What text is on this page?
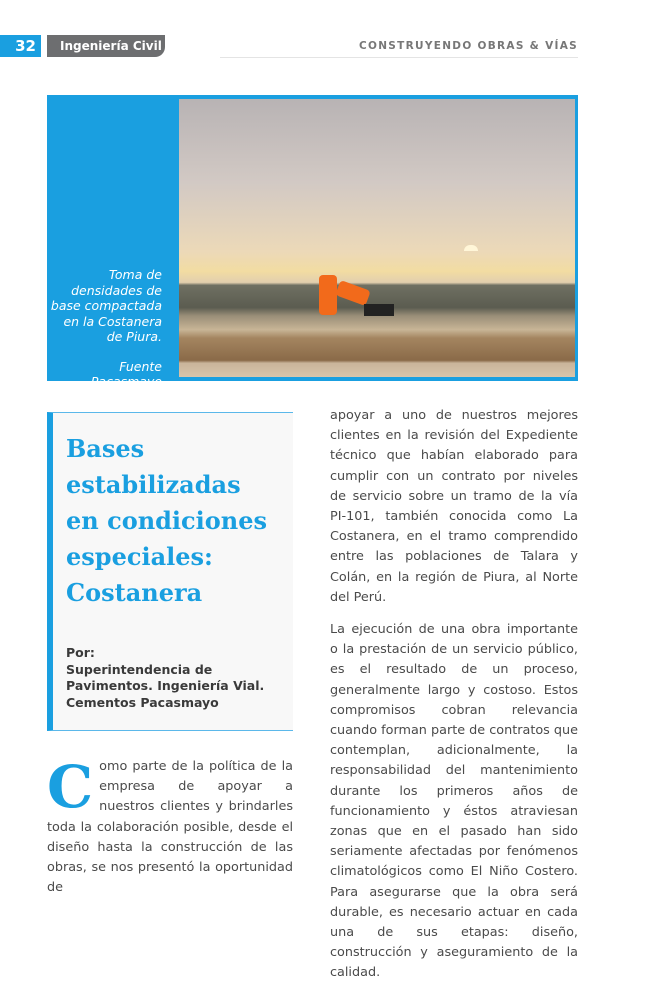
32	Ingeniería Civil	CONSTRUYENDO OBRAS & VÍAS
Toma de densidades de base compactada en la Costanera de Piura.
Fuente Pacasmayo
Bases
estabilizadas
en condiciones
especiales:
Costanera
Por:
Superintendencia de Pavimentos. Ingeniería Vial. Cementos Pacasmayo
Como parte de la política de la empresa de apoyar a nuestros clientes y brindarles toda la colaboración posible, desde el diseño hasta la construcción de las obras, se nos presentó la oportunidad de

apoyar a uno de nuestros mejores clientes en la revisión del Expediente técnico que habían elaborado para cumplir con un contrato por niveles de servicio sobre un tramo de la vía PI-101, también conocida como La Costanera, en el tramo comprendido entre las poblaciones de Talara y Colán, en la región de Piura, al Norte del Perú.

La ejecución de una obra importante o la prestación de un servicio público, es el resultado de un proceso, generalmente largo y costoso. Estos compromisos cobran relevancia cuando forman parte de contratos que contemplan, adicionalmente, la responsabilidad del mantenimiento durante los primeros años de funcionamiento y éstos atraviesan zonas que en el pasado han sido seriamente afectadas por fenómenos climatológicos como El Niño Costero. Para asegurarse que la obra será durable, es necesario actuar en cada una de sus etapas: diseño, construcción y aseguramiento de la calidad.
